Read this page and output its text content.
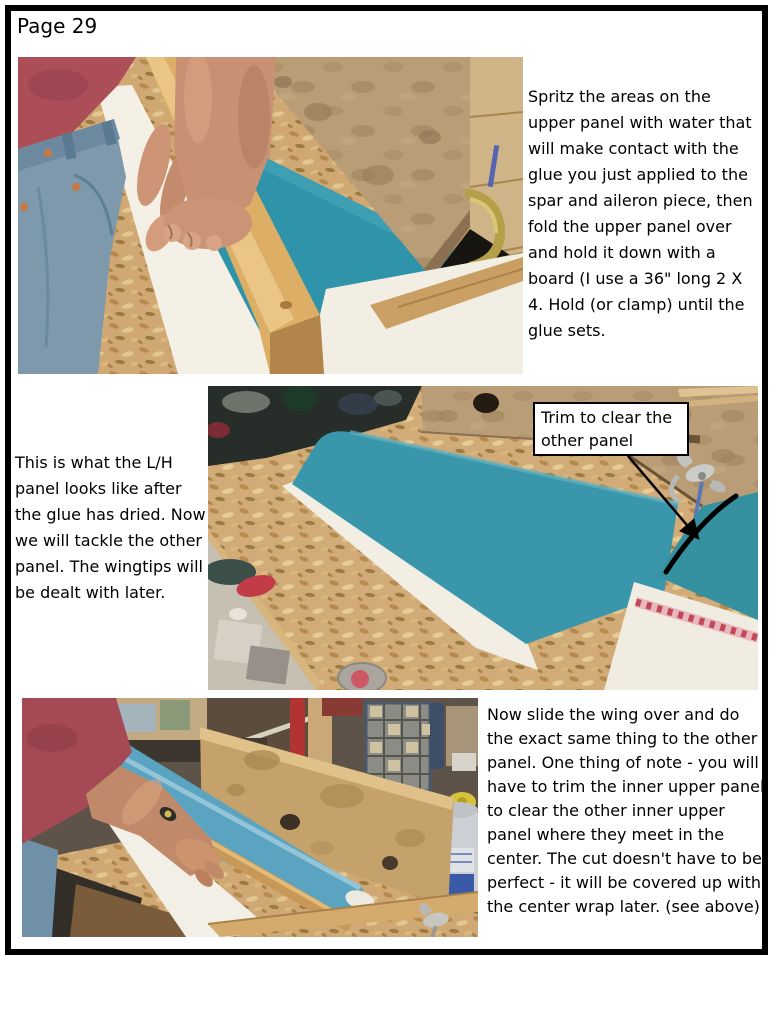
Page 29
Spritz the areas on the upper panel with water that will make contact with the glue you just applied to the spar and aileron piece, then fold the upper panel over and hold it down with a board (I use a 36" long 2 X 4. Hold (or clamp) until the glue sets.
Trim to clear the other panel
This is what the L/H panel looks like after the glue has dried. Now we will tackle the other panel. The wingtips will be dealt with later.
Now slide the wing over and do the exact same thing to the other panel. One thing of note - you will have to trim the inner upper panel to clear the other inner upper panel where they meet in the center. The cut doesn't have to be perfect - it will be covered up with the center wrap later. (see above)
